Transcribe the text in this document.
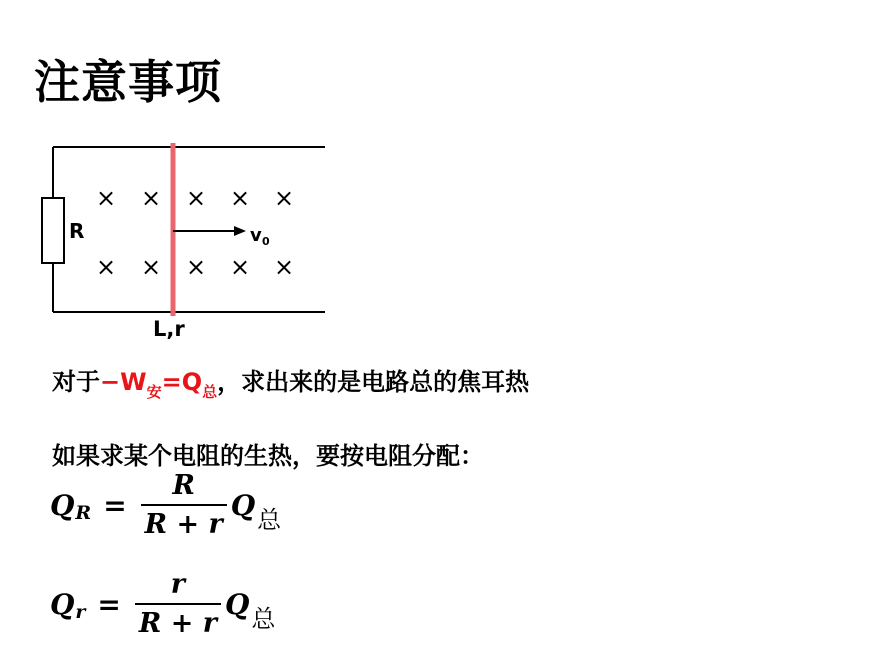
注意事项
R
× × × × ×
× × × × ×
v 0
L,r
对于$-W_安=Q_总$，求出来的是电路总的焦耳热
如果求某个电阻的生热，要按电阻分配：
Q $R = \frac{R}{R + r}$ Q 总
Q $r = \frac{r}{R + r}$ Q 总
